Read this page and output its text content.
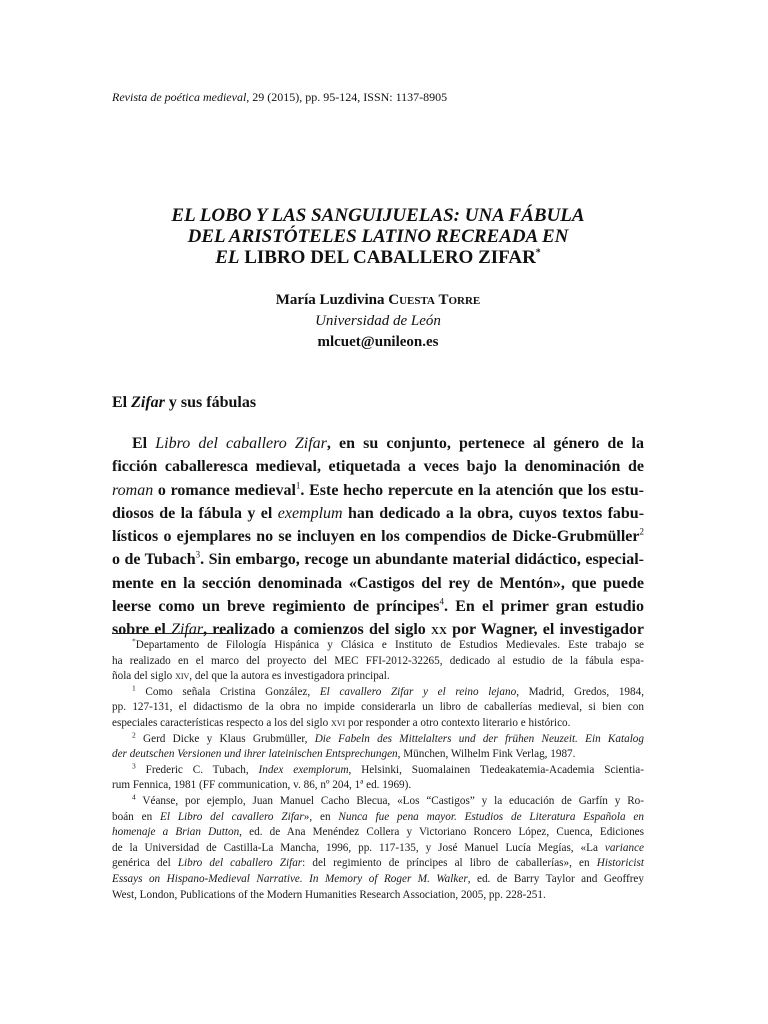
Revista de poética medieval, 29 (2015), pp. 95-124, ISSN: 1137-8905
EL LOBO Y LAS SANGUIJUELAS: UNA FÁBULA
DEL ARISTÓTELES LATINO RECREADA EN
EL LIBRO DEL CABALLERO ZIFAR*
María Luzdivina Cuesta Torre
Universidad de León
mlcuet@unileon.es
El Zifar y sus fábulas
El Libro del caballero Zifar, en su conjunto, pertenece al género de la
ficción caballeresca medieval, etiquetada a veces bajo la denominación de
roman o romance medieval$^1$. Este hecho repercute en la atención que los estu-
diosos de la fábula y el exemplum han dedicado a la obra, cuyos textos fabu-
lísticos o ejemplares no se incluyen en los compendios de Dicke-Grubmüller$^2$
o de Tubach$^3$. Sin embargo, recoge un abundante material didáctico, especial-
mente en la sección denominada «Castigos del rey de Mentón», que puede
leerse como un breve regimiento de príncipes$^4$. En el primer gran estudio
sobre el Zifar, realizado a comienzos del siglo xx por Wagner, el investigador
*Departamento de Filología Hispánica y Clásica e Instituto de Estudios Medievales. Este trabajo se
ha realizado en el marco del proyecto del MEC FFI-2012-32265, dedicado al estudio de la fábula espa-
ñola del siglo xiv, del que la autora es investigadora principal.
$^1$ Como señala Cristina González, El cavallero Zifar y el reino lejano, Madrid, Gredos, 1984,
pp. 127-131, el didactismo de la obra no impide considerarla un libro de caballerías medieval, si bien con
especiales características respecto a los del siglo xvi por responder a otro contexto literario e histórico.
$^2$ Gerd Dicke y Klaus Grubmüller, Die Fabeln des Mittelalters und der frühen Neuzeit. Ein Katalog
der deutschen Versionen und ihrer lateinischen Entsprechungen, München, Wilhelm Fink Verlag, 1987.
$^3$ Frederic C. Tubach, Index exemplorum, Helsinki, Suomalainen Tiedeakatemia-Academia Scientia-
rum Fennica, 1981 (FF communication, v. 86, nº 204, 1ª ed. 1969).
$^4$ Véanse, por ejemplo, Juan Manuel Cacho Blecua, «Los “Castigos” y la educación de Garfín y Ro-
boán en El Libro del cavallero Zifar», en Nunca fue pena mayor. Estudios de Literatura Española en
homenaje a Brian Dutton, ed. de Ana Menéndez Collera y Victoriano Roncero López, Cuenca, Ediciones
de la Universidad de Castilla-La Mancha, 1996, pp. 117-135, y José Manuel Lucía Megías, «La variance
genérica del Libro del caballero Zifar: del regimiento de príncipes al libro de caballerías», en Historicist
Essays on Hispano-Medieval Narrative. In Memory of Roger M. Walker, ed. de Barry Taylor and Geoffrey
West, London, Publications of the Modern Humanities Research Association, 2005, pp. 228-251.
